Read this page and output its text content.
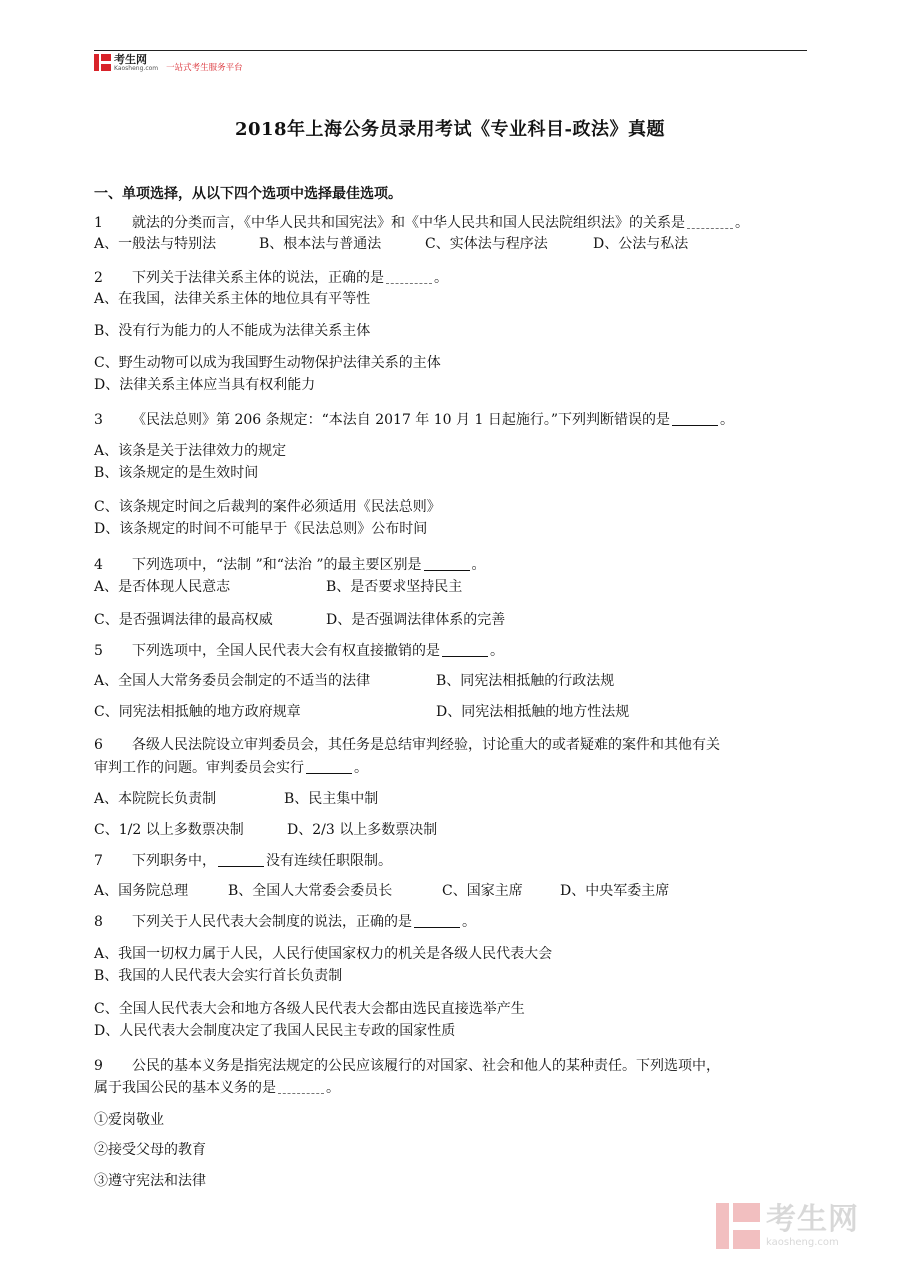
考生网
Kaosheng.com 一站式考生服务平台
2018年上海公务员录用考试《专业科目-政法》真题
一、单项选择，从以下四个选项中选择最佳选项。
1 就法的分类而言，《中华人民共和国宪法》和《中华人民共和国人民法院组织法》的关系是	。
A、一般法与特别法	B、根本法与普通法	C、实体法与程序法	D、公法与私法
2 下列关于法律关系主体的说法，正确的是	。
A、在我国，法律关系主体的地位具有平等性
B、没有行为能力的人不能成为法律关系主体
C、野生动物可以成为我国野生动物保护法律关系的主体
D、法律关系主体应当具有权利能力
3 《民法总则》第 206 条规定：“本法自 2017 年 10 月 1 日起施行。”下列判断错误的是	。
A、该条是关于法律效力的规定
B、该条规定的是生效时间
C、该条规定时间之后裁判的案件必须适用《民法总则》
D、该条规定的时间不可能早于《民法总则》公布时间
4 下列选项中，“法制 ”和“法治 ”的最主要区别是	。
A、是否体现人民意志	B、是否要求坚持民主
C、是否强调法律的最高权威	D、是否强调法律体系的完善
5 下列选项中，全国人民代表大会有权直接撤销的是	。
A、全国人大常务委员会制定的不适当的法律	B、同宪法相抵触的行政法规
C、同宪法相抵触的地方政府规章	D、同宪法相抵触的地方性法规
6 各级人民法院设立审判委员会，其任务是总结审判经验，讨论重大的或者疑难的案件和其他有关
审判工作的问题。审判委员会实行	。
A、本院院长负责制	B、民主集中制
C、1/2 以上多数票决制	D、2/3 以上多数票决制
7 下列职务中，	没有连续任职限制。
A、国务院总理	B、全国人大常委会委员长	C、国家主席	D、中央军委主席
8 下列关于人民代表大会制度的说法，正确的是	。
A、我国一切权力属于人民，人民行使国家权力的机关是各级人民代表大会
B、我国的人民代表大会实行首长负责制
C、全国人民代表大会和地方各级人民代表大会都由选民直接选举产生
D、人民代表大会制度决定了我国人民民主专政的国家性质
9 公民的基本义务是指宪法规定的公民应该履行的对国家、社会和他人的某种责任。下列选项中，
属于我国公民的基本义务的是	。
①爱岗敬业
②接受父母的教育
③遵守宪法和法律
考生网
kaosheng.com
